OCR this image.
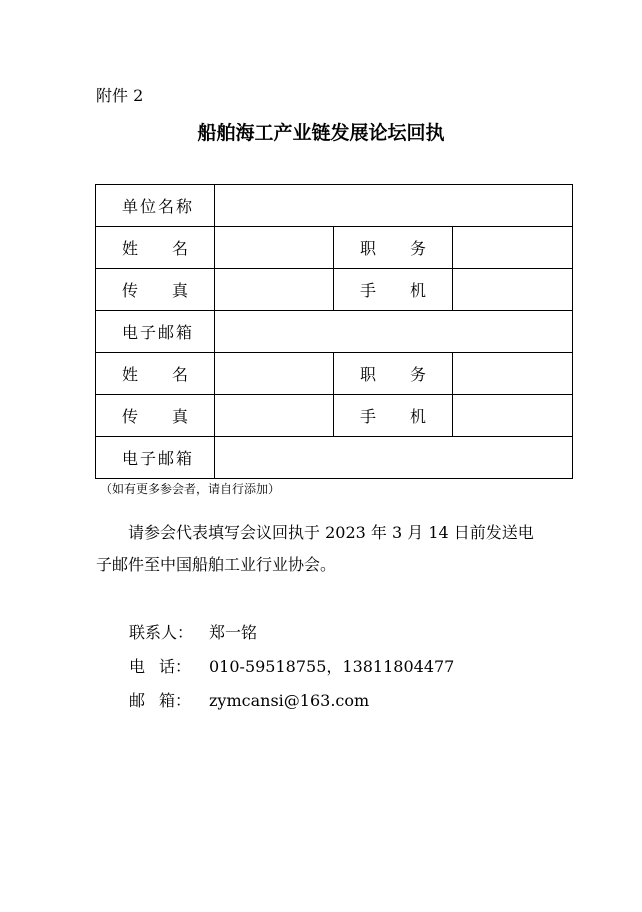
附件 2
船舶海工产业链发展论坛回执
单 位 名 称			

姓 名		职 务	

传 真		手 机	

电 子 邮 箱			

姓 名		职 务	

传 真		手 机	

电 子 邮 箱			

（如有更多参会者，请自行添加）
请参会代表填写会议回执于 2023 年 3 月 14 日前发送电子邮件至中国船舶工业行业协会。
联系人： 郑一铭
电 话： 010-59518755，13811804477
邮 箱： zymcansi@163.com
